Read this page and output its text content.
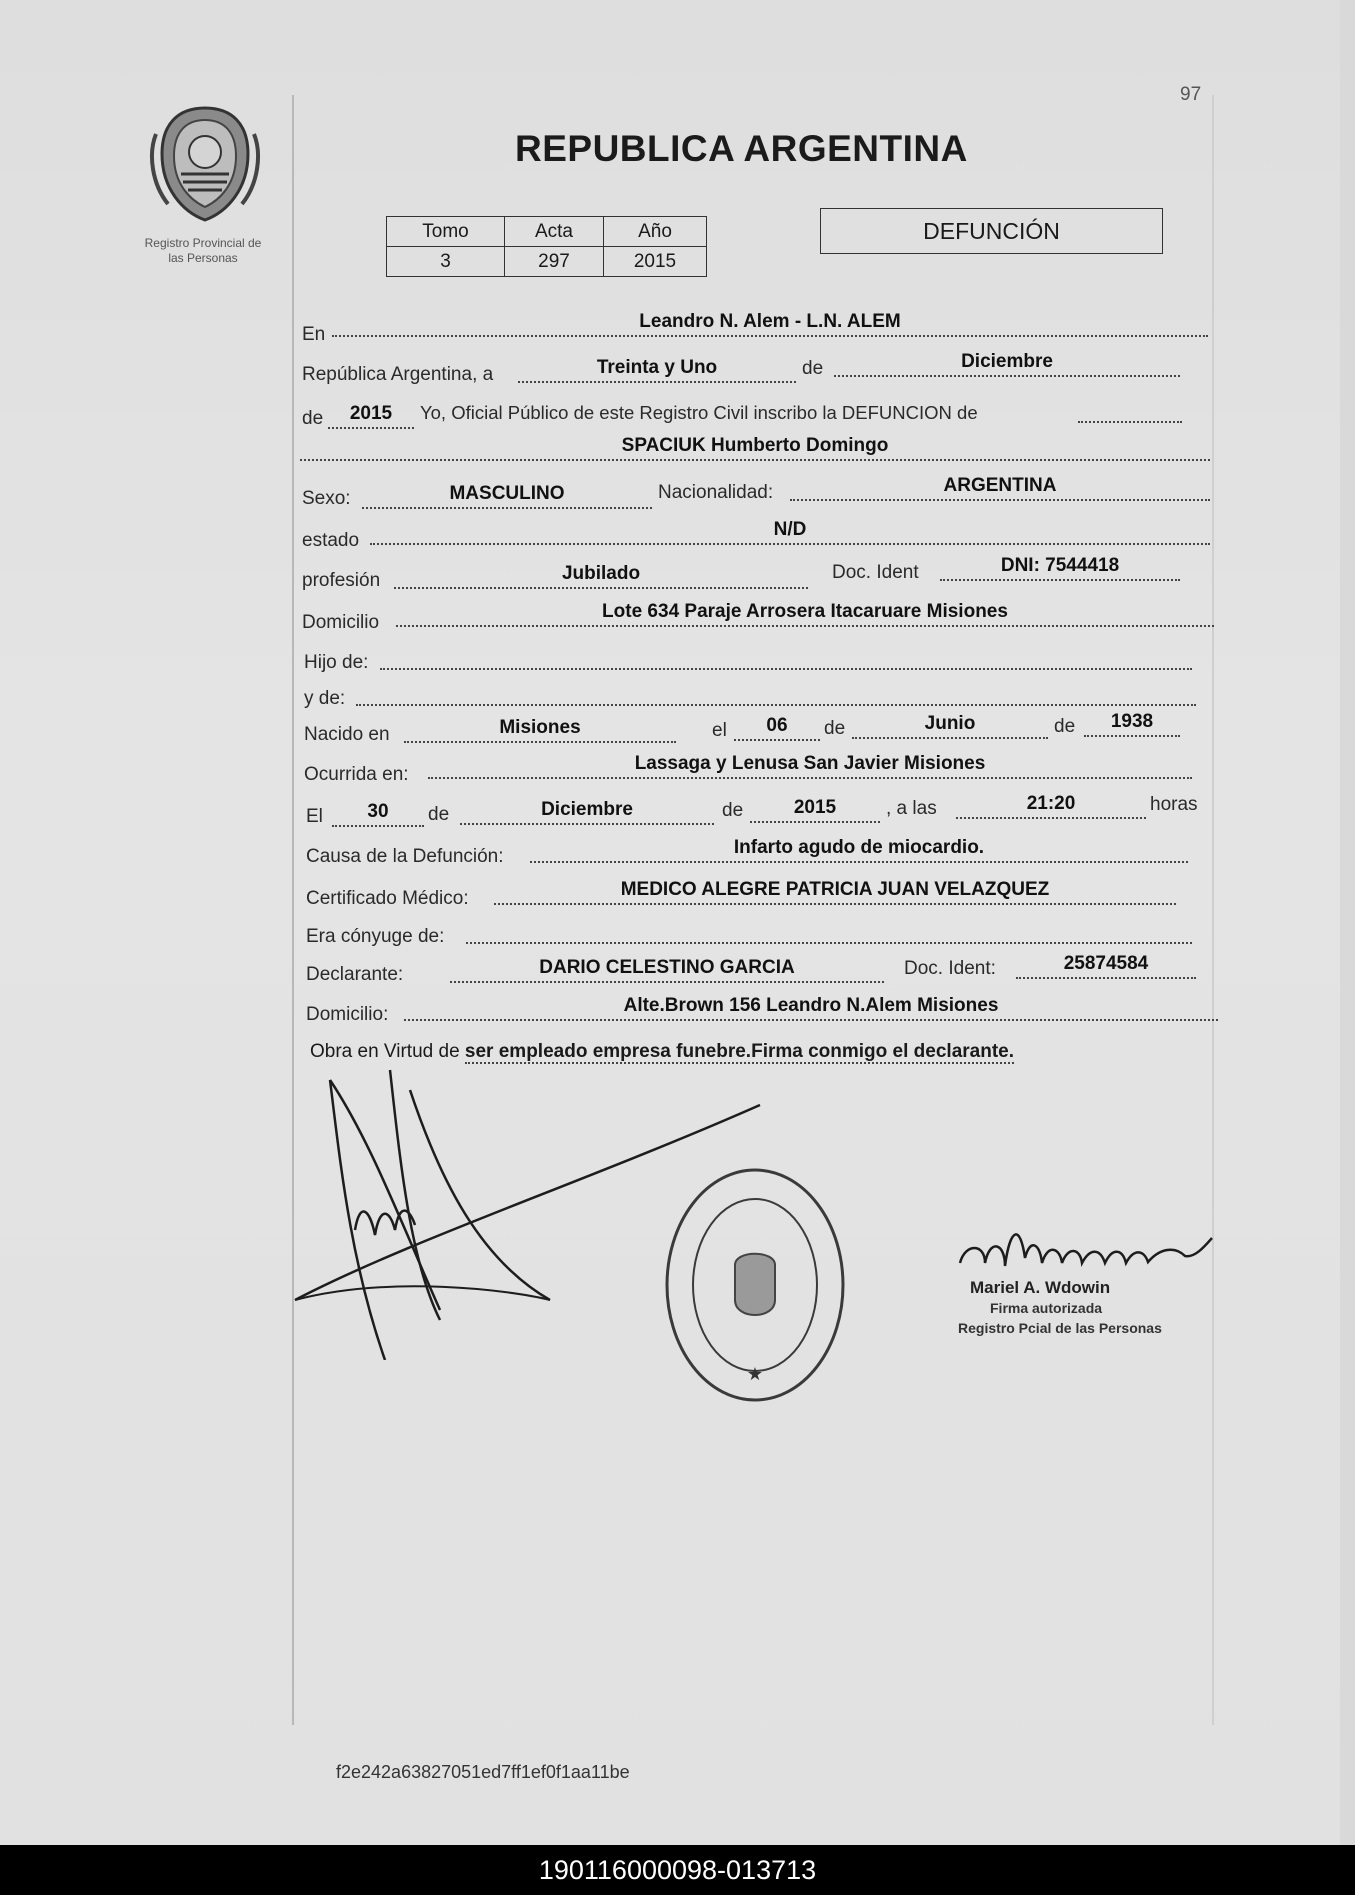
97
Registro Provincial de
las Personas
REPUBLICA ARGENTINA
Tomo	Acta	Año
3	297	2015
DEFUNCIÓN
En
Leandro N. Alem - L.N. ALEM
República Argentina, a	Treinta y Uno	de	Diciembre
de	2015	Yo, Oficial Público de este Registro Civil inscribo la DEFUNCION de
SPACIUK Humberto Domingo
Sexo:	MASCULINO	Nacionalidad:	ARGENTINA
estado
N/D
profesión	Jubilado	Doc. Ident	DNI: 7544418
Domicilio
Lote 634 Paraje Arrosera Itacaruare Misiones
Hijo de:
y de:
Nacido en	Misiones	el	06	de	Junio	de	1938
Ocurrida en:
Lassaga y Lenusa San Javier Misiones
El	30	de	Diciembre	de	2015	, a las	21:20	horas
Causa de la Defunción:	Infarto agudo de miocardio.
Certificado Médico:	MEDICO ALEGRE PATRICIA JUAN VELAZQUEZ
Era cónyuge de:
Declarante:	DARIO CELESTINO GARCIA	Doc. Ident:	25874584
Domicilio:	Alte.Brown 156 Leandro N.Alem Misiones
Obra en Virtud de ser empleado empresa funebre.Firma conmigo el declarante.
★
Mariel A. Wdowin
Firma autorizada
Registro Pcial de las Personas
f2e242a63827051ed7ff1ef0f1aa11be
190116000098-013713
